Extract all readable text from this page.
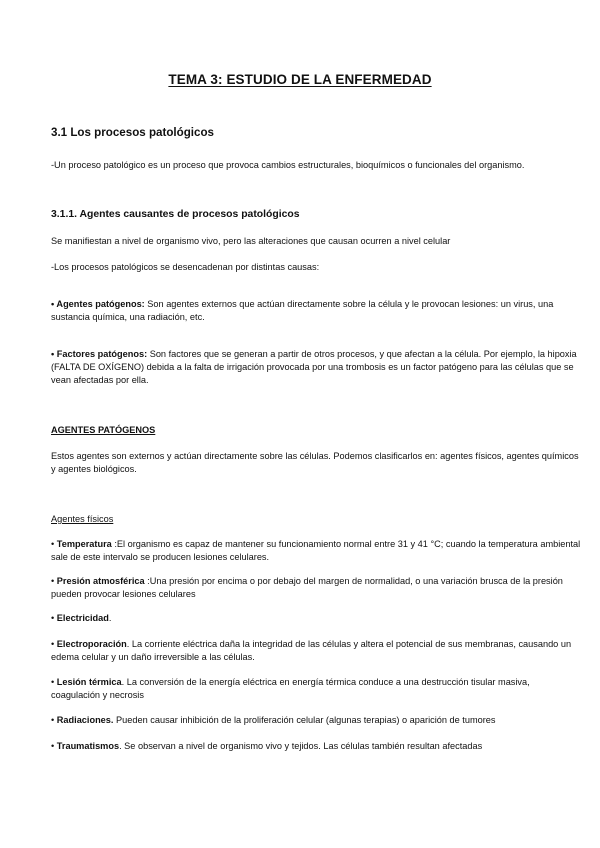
TEMA 3: ESTUDIO DE LA ENFERMEDAD
3.1 Los procesos patológicos
-Un proceso patológico es un proceso que provoca cambios estructurales, bioquímicos o funcionales del organismo.
3.1.1. Agentes causantes de procesos patológicos
Se manifiestan a nivel de organismo vivo, pero las alteraciones que causan ocurren a nivel celular
-Los procesos patológicos se desencadenan por distintas causas:
• Agentes patógenos: Son agentes externos que actúan directamente sobre la célula y le provocan lesiones: un virus, una sustancia química, una radiación, etc.
• Factores patógenos: Son factores que se generan a partir de otros procesos, y que afectan a la célula. Por ejemplo, la hipoxia (FALTA DE OXÍGENO) debida a la falta de irrigación provocada por una trombosis es un factor patógeno para las células que se vean afectadas por ella.
AGENTES PATÓGENOS
Estos agentes son externos y actúan directamente sobre las células. Podemos clasificarlos en: agentes físicos, agentes químicos y agentes biológicos.
Agentes físicos
• Temperatura :El organismo es capaz de mantener su funcionamiento normal entre 31 y 41 °C; cuando la temperatura ambiental sale de este intervalo se producen lesiones celulares.
• Presión atmosférica :Una presión por encima o por debajo del margen de normalidad, o una variación brusca de la presión pueden provocar lesiones celulares
• Electricidad.
• Electroporación. La corriente eléctrica daña la integridad de las células y altera el potencial de sus membranas, causando un edema celular y un daño irreversible a las células.
• Lesión térmica. La conversión de la energía eléctrica en energía térmica conduce a una destrucción tisular masiva, coagulación y necrosis
• Radiaciones. Pueden causar inhibición de la proliferación celular (algunas terapias) o aparición de tumores
• Traumatismos. Se observan a nivel de organismo vivo y tejidos. Las células también resultan afectadas
